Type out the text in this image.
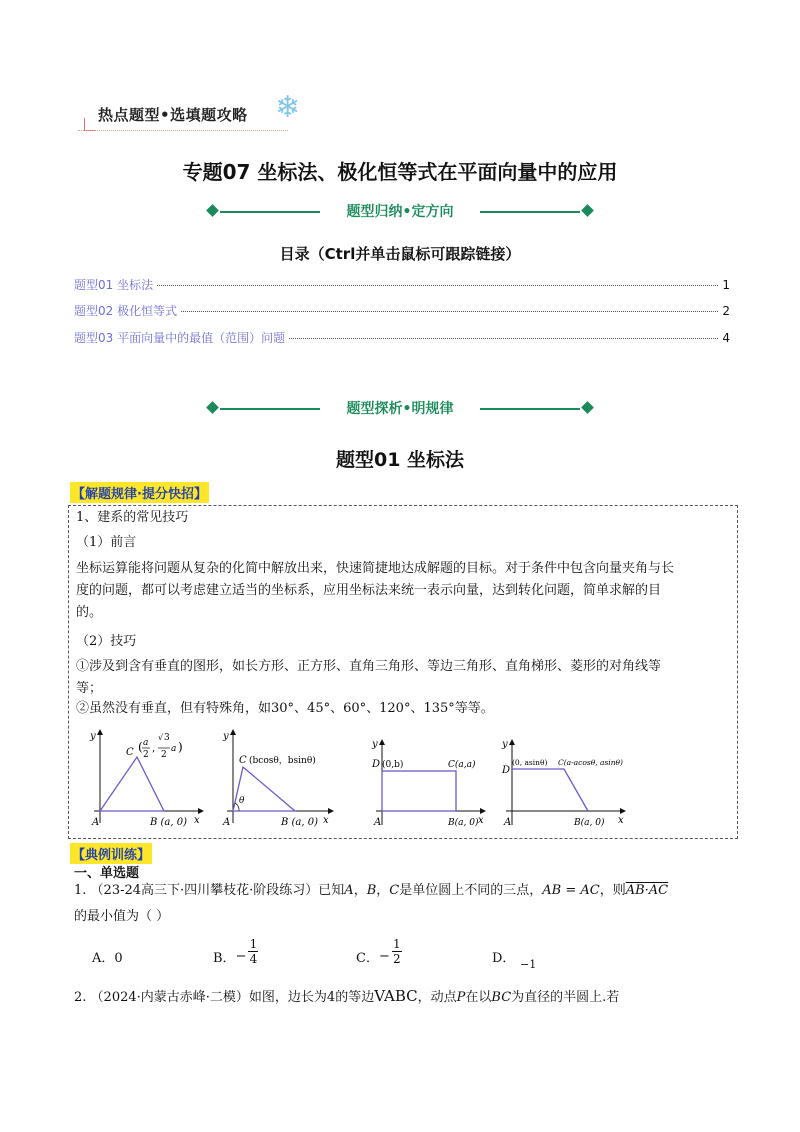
热点题型•选填题攻略 ❄
专题07 坐标法、极化恒等式在平面向量中的应用
题型归纳•定方向
目录（Ctrl并单击鼠标可跟踪链接）
题型01 坐标法	1
题型02 极化恒等式	2
题型03 平面向量中的最值（范围）问题	4
题型探析•明规律
题型01 坐标法
【解题规律·提分快招】
1、建系的常见技巧
（1）前言
坐标运算能将问题从复杂的化简中解放出来，快速简捷地达成解题的目标。对于条件中包含向量夹角与长
度的问题，都可以考虑建立适当的坐标系，应用坐标法来统一表示向量，达到转化问题，简单求解的目
的。
（2）技巧
①涉及到含有垂直的图形，如长方形、正方形、直角三角形、等边三角形、直角梯形、菱形的对角线等
等；
②虽然没有垂直，但有特殊角，如30°、45°、60°、120°、135°等等。
y
x
A	B (a, 0)
C ( a
2
,
√ 3
2
a )
y
x
A	B (a, 0)
C (bcosθ，bsinθ)
θ
y
x
A	B(a, 0)
D (0,b)	C(a,a)
y
x
A	B(a, 0)
D
(0, asinθ) C(a-acosθ, asinθ)
【典例训练】
一、单选题
1. （23-24高三下·四川攀枝花·阶段练习）已知A，B，C是单位圆上不同的三点，AB = AC，则AB·AC
的最小值为（ ）
A．0	B． −
1
4	C． −
1
2	D． −1
2. （2024·内蒙古赤峰·二模）如图，边长为4的等边VABC，动点P在以BC为直径的半圆上.若
